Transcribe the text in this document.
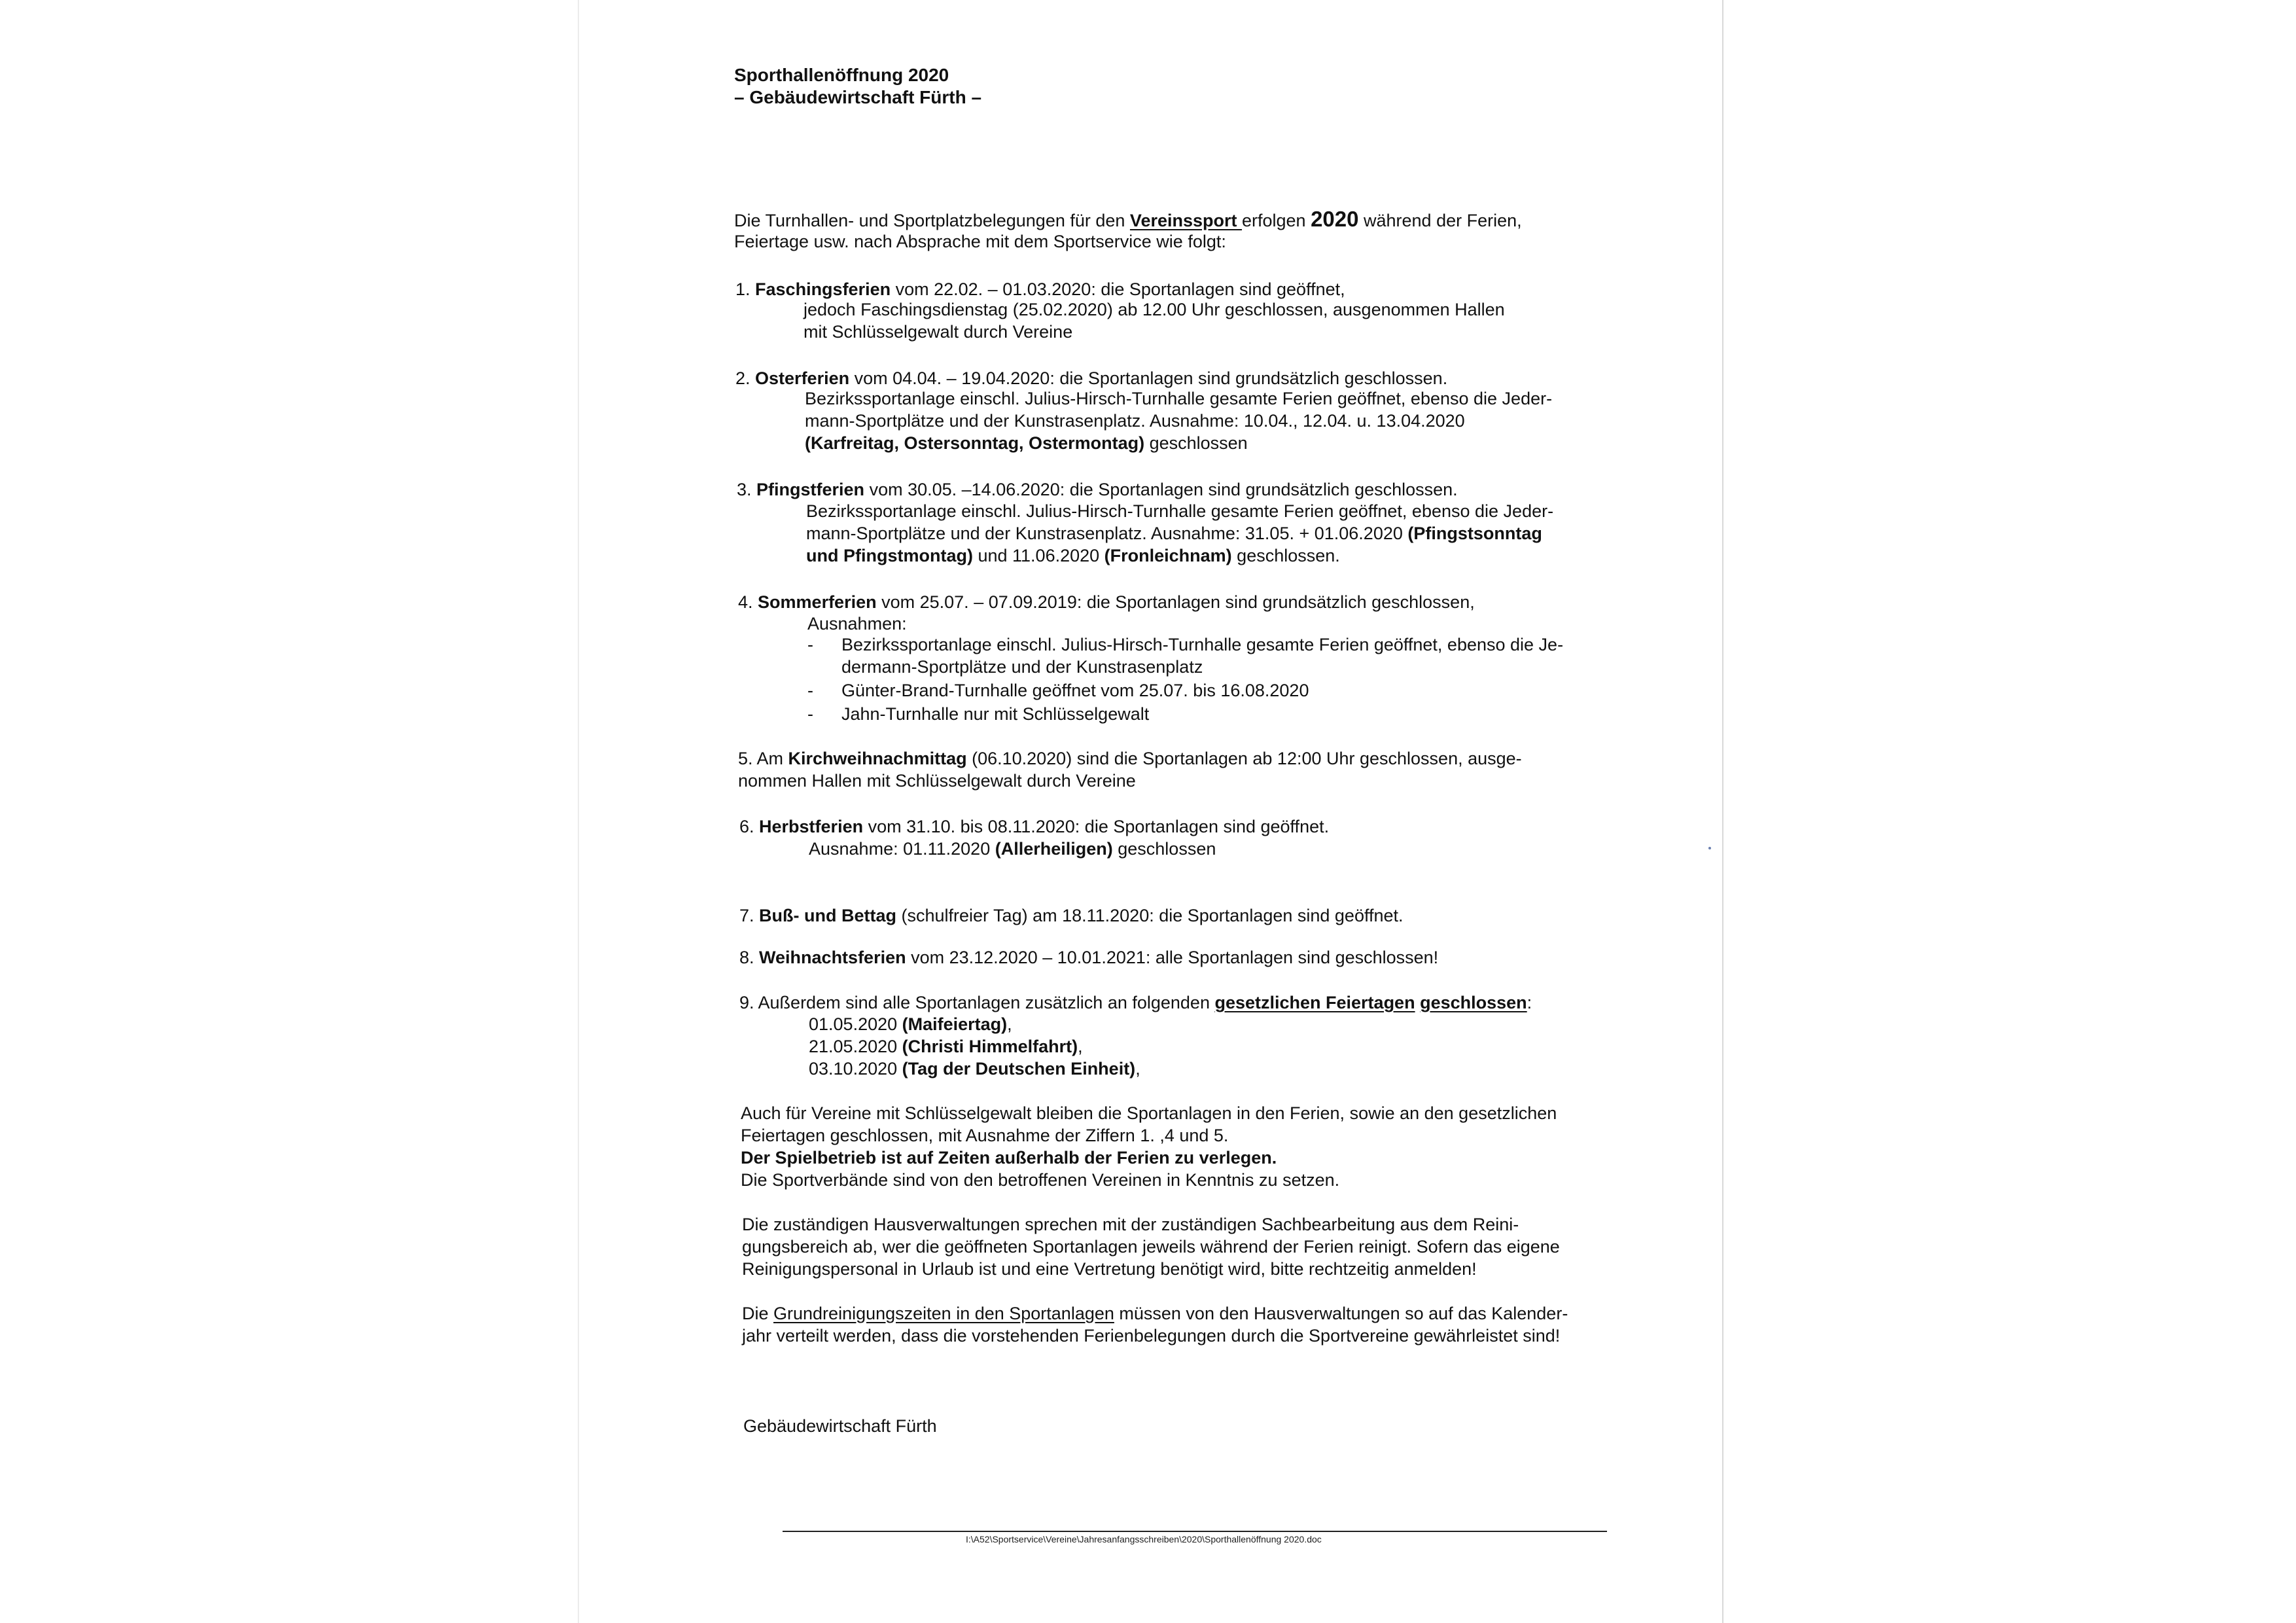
Sporthallenöffnung 2020
– Gebäudewirtschaft Fürth –
Die Turnhallen- und Sportplatzbelegungen für den Vereinssport erfolgen 2020 während der Ferien,
Feiertage usw. nach Absprache mit dem Sportservice wie folgt:
1. Faschingsferien vom 22.02. – 01.03.2020: die Sportanlagen sind geöffnet,
jedoch Faschingsdienstag (25.02.2020) ab 12.00 Uhr geschlossen, ausgenommen Hallen
mit Schlüsselgewalt durch Vereine
2. Osterferien vom 04.04. – 19.04.2020: die Sportanlagen sind grundsätzlich geschlossen.
Bezirkssportanlage einschl. Julius-Hirsch-Turnhalle gesamte Ferien geöffnet, ebenso die Jeder-
mann-Sportplätze und der Kunstrasenplatz. Ausnahme: 10.04., 12.04. u. 13.04.2020
(Karfreitag, Ostersonntag, Ostermontag) geschlossen
3. Pfingstferien vom 30.05. –14.06.2020: die Sportanlagen sind grundsätzlich geschlossen.
Bezirkssportanlage einschl. Julius-Hirsch-Turnhalle gesamte Ferien geöffnet, ebenso die Jeder-
mann-Sportplätze und der Kunstrasenplatz. Ausnahme: 31.05. + 01.06.2020 (Pfingstsonntag
und Pfingstmontag) und 11.06.2020 (Fronleichnam) geschlossen.
4. Sommerferien vom 25.07. – 07.09.2019: die Sportanlagen sind grundsätzlich geschlossen,
Ausnahmen:
- Bezirkssportanlage einschl. Julius-Hirsch-Turnhalle gesamte Ferien geöffnet, ebenso die Je-
dermann-Sportplätze und der Kunstrasenplatz
- Günter-Brand-Turnhalle geöffnet vom 25.07. bis 16.08.2020
- Jahn-Turnhalle nur mit Schlüsselgewalt
5. Am Kirchweihnachmittag (06.10.2020) sind die Sportanlagen ab 12:00 Uhr geschlossen, ausge-
nommen Hallen mit Schlüsselgewalt durch Vereine
6. Herbstferien vom 31.10. bis 08.11.2020: die Sportanlagen sind geöffnet.
Ausnahme: 01.11.2020 (Allerheiligen) geschlossen
7. Buß- und Bettag (schulfreier Tag) am 18.11.2020: die Sportanlagen sind geöffnet.
8. Weihnachtsferien vom 23.12.2020 – 10.01.2021: alle Sportanlagen sind geschlossen!
9. Außerdem sind alle Sportanlagen zusätzlich an folgenden gesetzlichen Feiertagen geschlossen:
01.05.2020 (Maifeiertag),
21.05.2020 (Christi Himmelfahrt),
03.10.2020 (Tag der Deutschen Einheit),
Auch für Vereine mit Schlüsselgewalt bleiben die Sportanlagen in den Ferien, sowie an den gesetzlichen
Feiertagen geschlossen, mit Ausnahme der Ziffern 1. ,4 und 5.
Der Spielbetrieb ist auf Zeiten außerhalb der Ferien zu verlegen.
Die Sportverbände sind von den betroffenen Vereinen in Kenntnis zu setzen.
Die zuständigen Hausverwaltungen sprechen mit der zuständigen Sachbearbeitung aus dem Reini-
gungsbereich ab, wer die geöffneten Sportanlagen jeweils während der Ferien reinigt. Sofern das eigene
Reinigungspersonal in Urlaub ist und eine Vertretung benötigt wird, bitte rechtzeitig anmelden!
Die Grundreinigungszeiten in den Sportanlagen müssen von den Hausverwaltungen so auf das Kalender-
jahr verteilt werden, dass die vorstehenden Ferienbelegungen durch die Sportvereine gewährleistet sind!
Gebäudewirtschaft Fürth
I:\A52\Sportservice\Vereine\Jahresanfangsschreiben\2020\Sporthallenöffnung 2020.doc
